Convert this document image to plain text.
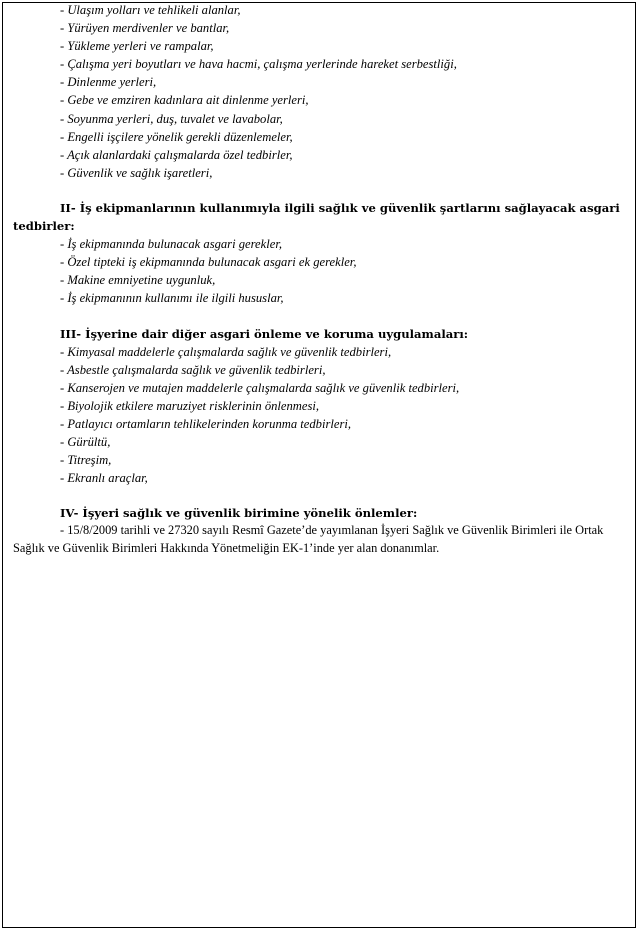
- Ulaşım yolları ve tehlikeli alanlar,
- Yürüyen merdivenler ve bantlar,
- Yükleme yerleri ve rampalar,
- Çalışma yeri boyutları ve hava hacmi, çalışma yerlerinde hareket serbestliği,
- Dinlenme yerleri,
- Gebe ve emziren kadınlara ait dinlenme yerleri,
- Soyunma yerleri, duş, tuvalet ve lavabolar,
- Engelli işçilere yönelik gerekli düzenlemeler,
- Açık alanlardaki çalışmalarda özel tedbirler,
- Güvenlik ve sağlık işaretleri,
II- İş ekipmanlarının kullanımıyla ilgili sağlık ve güvenlik şartlarını sağlayacak asgari tedbirler:
- İş ekipmanında bulunacak asgari gerekler,
- Özel tipteki iş ekipmanında bulunacak asgari ek gerekler,
- Makine emniyetine uygunluk,
- İş ekipmanının kullanımı ile ilgili hususlar,
III- İşyerine dair diğer asgari önleme ve koruma uygulamaları:
- Kimyasal maddelerle çalışmalarda sağlık ve güvenlik tedbirleri,
- Asbestle çalışmalarda sağlık ve güvenlik tedbirleri,
- Kanserojen ve mutajen maddelerle çalışmalarda sağlık ve güvenlik tedbirleri,
- Biyolojik etkilere maruziyet risklerinin önlenmesi,
- Patlayıcı ortamların tehlikelerinden korunma tedbirleri,
- Gürültü,
- Titreşim,
- Ekranlı araçlar,
IV- İşyeri sağlık ve güvenlik birimine yönelik önlemler:
- 15/8/2009 tarihli ve 27320 sayılı Resmî Gazete’de yayımlanan İşyeri Sağlık ve Güvenlik Birimleri ile Ortak Sağlık ve Güvenlik Birimleri Hakkında Yönetmeliğin EK-1’inde yer alan donanımlar.
